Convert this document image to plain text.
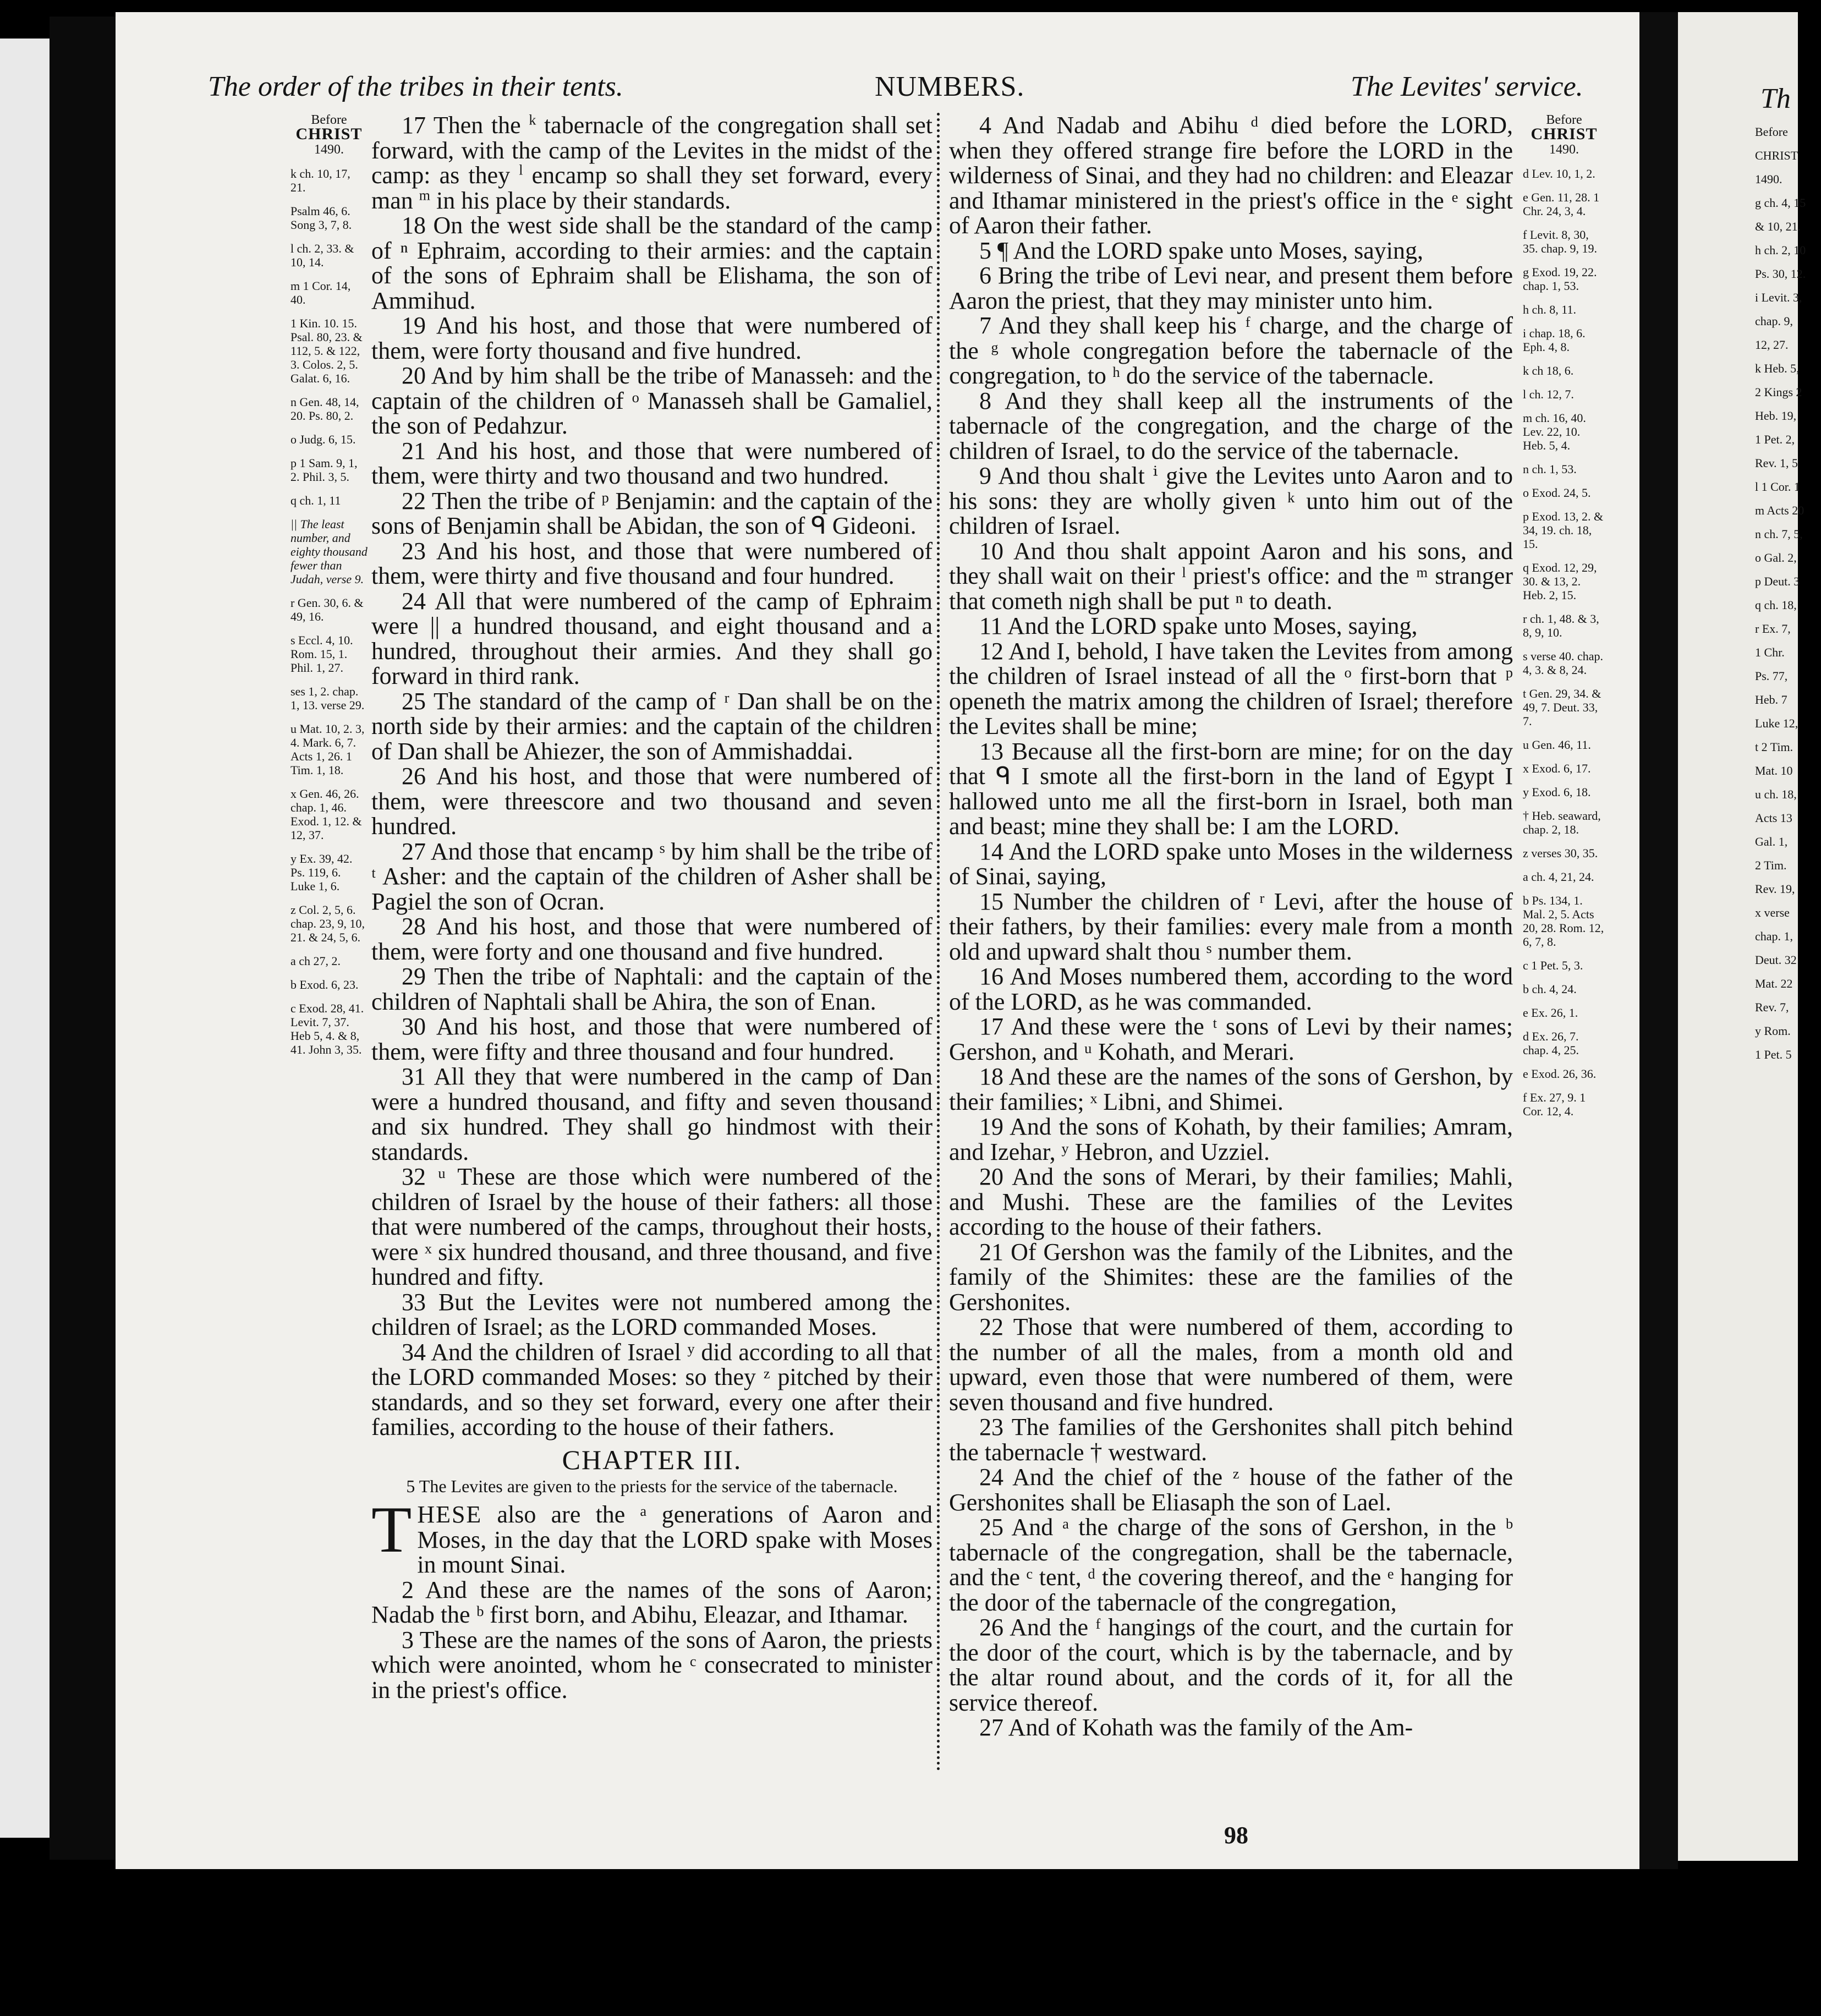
The order of the tribes in their tents.	NUMBERS.	The Levites' service.
Before
CHRIST
1490.
k ch. 10, 17, 21.
Psalm 46, 6. Song 3, 7, 8.
l ch. 2, 33. & 10, 14.
m 1 Cor. 14, 40.
1 Kin. 10. 15. Psal. 80, 23. & 112, 5. & 122, 3. Colos. 2, 5. Galat. 6, 16.
n Gen. 48, 14, 20. Ps. 80, 2.
o Judg. 6, 15.
p 1 Sam. 9, 1, 2. Phil. 3, 5.
q ch. 1, 11
|| The least number, and eighty thousand fewer than Judah, verse 9.
r Gen. 30, 6. & 49, 16.
s Eccl. 4, 10. Rom. 15, 1. Phil. 1, 27.
ses 1, 2. chap. 1, 13. verse 29.
u Mat. 10, 2. 3, 4. Mark. 6, 7. Acts 1, 26. 1 Tim. 1, 18.
x Gen. 46, 26. chap. 1, 46. Exod. 1, 12. & 12, 37.
y Ex. 39, 42. Ps. 119, 6. Luke 1, 6.
z Col. 2, 5, 6. chap. 23, 9, 10, 21. & 24, 5, 6.
a ch 27, 2.
b Exod. 6, 23.
c Exod. 28, 41. Levit. 7, 37. Heb 5, 4. & 8, 41. John 3, 35.

17 Then the $^k$ tabernacle of the congregation shall set forward, with the camp of the Levites in the midst of the camp: as they $^l$ encamp so shall they set forward, every man $^m$ in his place by their standards.

18 On the west side shall be the standard of the camp of ⁿ Ephraim, according to their armies: and the captain of the sons of Ephraim shall be Elishama, the son of Ammihud.

19 And his host, and those that were numbered of them, were forty thousand and five hundred.

20 And by him shall be the tribe of Manasseh: and the captain of the children of ᵒ Manasseh shall be Gamaliel, the son of Pedahzur.

21 And his host, and those that were numbered of them, were thirty and two thousand and two hundred.

22 Then the tribe of ᵖ Benjamin: and the captain of the sons of Benjamin shall be Abidan, the son of ᑫ Gideoni.

23 And his host, and those that were numbered of them, were thirty and five thousand and four hundred.

24 All that were numbered of the camp of Ephraim were || a hundred thousand, and eight thousand and a hundred, throughout their armies. And they shall go forward in third rank.

25 The standard of the camp of ʳ Dan shall be on the north side by their armies: and the captain of the children of Dan shall be Ahiezer, the son of Ammishaddai.

26 And his host, and those that were numbered of them, were threescore and two thousand and seven hundred.

27 And those that encamp ˢ by him shall be the tribe of ᵗ Asher: and the captain of the children of Asher shall be Pagiel the son of Ocran.

28 And his host, and those that were numbered of them, were forty and one thousand and five hundred.

29 Then the tribe of Naphtali: and the captain of the children of Naphtali shall be Ahira, the son of Enan.

30 And his host, and those that were numbered of them, were fifty and three thousand and four hundred.

31 All they that were numbered in the camp of Dan were a hundred thousand, and fifty and seven thousand and six hundred. They shall go hindmost with their standards.

32 ᵘ These are those which were numbered of the children of Israel by the house of their fathers: all those that were numbered of the camps, throughout their hosts, were ˣ six hundred thousand, and three thousand, and five hundred and fifty.

33 But the Levites were not numbered among the children of Israel; as the LORD commanded Moses.

34 And the children of Israel ʸ did according to all that the LORD commanded Moses: so they ᶻ pitched by their standards, and so they set forward, every one after their families, according to the house of their fathers.

CHAPTER III.

5 The Levites are given to the priests for the service of the tabernacle.

THESE also are the ᵃ generations of Aaron and Moses, in the day that the LORD spake with Moses in mount Sinai.

2 And these are the names of the sons of Aaron; Nadab the ᵇ first born, and Abihu, Eleazar, and Ithamar.

3 These are the names of the sons of Aaron, the priests which were anointed, whom he ᶜ consecrated to minister in the priest's office.

4 And Nadab and Abihu ᵈ died before the LORD, when they offered strange fire before the LORD in the wilderness of Sinai, and they had no children: and Eleazar and Ithamar ministered in the priest's office in the ᵉ sight of Aaron their father.

5 ¶ And the LORD spake unto Moses, saying,

6 Bring the tribe of Levi near, and present them before Aaron the priest, that they may minister unto him.

7 And they shall keep his ᶠ charge, and the charge of the ᵍ whole congregation before the tabernacle of the congregation, to ʰ do the service of the tabernacle.

8 And they shall keep all the instruments of the tabernacle of the congregation, and the charge of the children of Israel, to do the service of the tabernacle.

9 And thou shalt ⁱ give the Levites unto Aaron and to his sons: they are wholly given ᵏ unto him out of the children of Israel.

10 And thou shalt appoint Aaron and his sons, and they shall wait on their ˡ priest's office: and the ᵐ stranger that cometh nigh shall be put ⁿ to death.

11 And the LORD spake unto Moses, saying,

12 And I, behold, I have taken the Levites from among the children of Israel instead of all the ᵒ first-born that ᵖ openeth the matrix among the children of Israel; therefore the Levites shall be mine;

13 Because all the first-born are mine; for on the day that ᑫ I smote all the first-born in the land of Egypt I hallowed unto me all the first-born in Israel, both man and beast; mine they shall be: I am the LORD.

14 And the LORD spake unto Moses in the wilderness of Sinai, saying,

15 Number the children of ʳ Levi, after the house of their fathers, by their families: every male from a month old and upward shalt thou ˢ number them.

16 And Moses numbered them, according to the word of the LORD, as he was commanded.

17 And these were the ᵗ sons of Levi by their names; Gershon, and ᵘ Kohath, and Merari.

18 And these are the names of the sons of Gershon, by their families; ˣ Libni, and Shimei.

19 And the sons of Kohath, by their families; Amram, and Izehar, ʸ Hebron, and Uzziel.

20 And the sons of Merari, by their families; Mahli, and Mushi. These are the families of the Levites according to the house of their fathers.

21 Of Gershon was the family of the Libnites, and the family of the Shimites: these are the families of the Gershonites.

22 Those that were numbered of them, according to the number of all the males, from a month old and upward, even those that were numbered of them, were seven thousand and five hundred.

23 The families of the Gershonites shall pitch behind the tabernacle † westward.

24 And the chief of the ᶻ house of the father of the Gershonites shall be Eliasaph the son of Lael.

25 And ᵃ the charge of the sons of Gershon, in the ᵇ tabernacle of the congregation, shall be the tabernacle, and the ᶜ tent, ᵈ the covering thereof, and the ᵉ hanging for the door of the tabernacle of the congregation,

26 And the ᶠ hangings of the court, and the curtain for the door of the court, which is by the tabernacle, and by the altar round about, and the cords of it, for all the service thereof.

27 And of Kohath was the family of the Am-

Before
CHRIST
1490.
d Lev. 10, 1, 2.
e Gen. 11, 28. 1 Chr. 24, 3, 4.
f Levit. 8, 30, 35. chap. 9, 19.
g Exod. 19, 22. chap. 1, 53.
h ch. 8, 11.
i chap. 18, 6. Eph. 4, 8.
k ch 18, 6.
l ch. 12, 7.
m ch. 16, 40. Lev. 22, 10. Heb. 5, 4.
n ch. 1, 53.
o Exod. 24, 5.
p Exod. 13, 2. & 34, 19. ch. 18, 15.
q Exod. 12, 29, 30. & 13, 2. Heb. 2, 15.
r ch. 1, 48. & 3, 8, 9, 10.
s verse 40. chap. 4, 3. & 8, 24.
t Gen. 29, 34. & 49, 7. Deut. 33, 7.
u Gen. 46, 11.
x Exod. 6, 17.
y Exod. 6, 18.
† Heb. seaward, chap. 2, 18.
z verses 30, 35.
a ch. 4, 21, 24.
b Ps. 134, 1. Mal. 2, 5. Acts 20, 28. Rom. 12, 6, 7, 8.
c 1 Pet. 5, 3.
b ch. 4, 24.
e Ex. 26, 1.
d Ex. 26, 7. chap. 4, 25.
e Exod. 26, 36.
f Ex. 27, 9. 1 Cor. 12, 4.
98
Th
Before
CHRIST
1490.
g ch. 4, 15
& 10, 21.
h ch. 2, 10
Ps. 30, 12.
i Levit. 3,
chap. 9,
12, 27.
k Heb. 5,
2 Kings 2
Heb. 19,
1 Pet. 2,
Rev. 1, 5
l 1 Cor. 1
m Acts 20
n ch. 7, 5,
o Gal. 2,
p Deut. 3
q ch. 18,
r Ex. 7,
1 Chr.
Ps. 77,
Heb. 7
Luke 12,
t 2 Tim.
Mat. 10
u ch. 18,
Acts 13
Gal. 1,
2 Tim.
Rev. 19,
x verse
chap. 1,
Deut. 32
Mat. 22
Rev. 7,
y Rom.
1 Pet. 5
